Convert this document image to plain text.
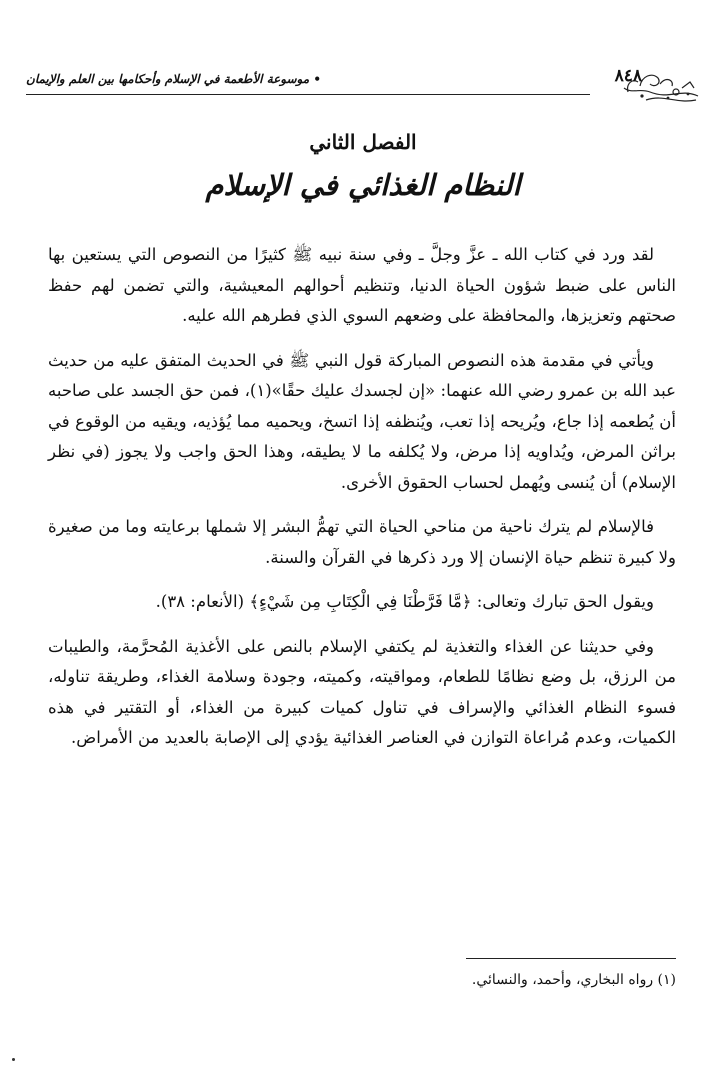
• موسوعة الأطعمة في الإسلام وأحكامها بين العلم والإيمان	٨٤٨
الفصل الثاني
النظام الغذائي في الإسلام

لقد ورد في كتاب الله ـ عزَّ وجلَّ ـ وفي سنة نبيه ﷺ كثيرًا من النصوص التي يستعين بها الناس على ضبط شؤون الحياة الدنيا، وتنظيم أحوالهم المعيشية، والتي تضمن لهم حفظ صحتهم وتعزيزها، والمحافظة على وضعهم السوي الذي فطرهم الله عليه.

ويأتي في مقدمة هذه النصوص المباركة قول النبي ﷺ في الحديث المتفق عليه من حديث عبد الله بن عمرو رضي الله عنهما: «إن لجسدك عليك حقًا»(١)، فمن حق الجسد على صاحبه أن يُطعمه إذا جاع، ويُريحه إذا تعب، ويُنظفه إذا اتسخ، ويحميه مما يُؤذيه، ويقيه من الوقوع في براثن المرض، ويُداويه إذا مرض، ولا يُكلفه ما لا يطيقه، وهذا الحق واجب ولا يجوز (في نظر الإسلام) أن يُنسى ويُهمل لحساب الحقوق الأخرى.

فالإسلام لم يترك ناحية من مناحي الحياة التي تهمُّ البشر إلا شملها برعايته وما من صغيرة ولا كبيرة تنظم حياة الإنسان إلا ورد ذكرها في القرآن والسنة.

ويقول الحق تبارك وتعالى: ﴿مَّا فَرَّطْنَا فِي الْكِتَابِ مِن شَيْءٍ﴾ (الأنعام: ٣٨).

وفي حديثنا عن الغذاء والتغذية لم يكتفي الإسلام بالنص على الأغذية المُحرَّمة، والطيبات من الرزق، بل وضع نظامًا للطعام، ومواقيته، وكميته، وجودة وسلامة الغذاء، وطريقة تناوله، فسوء النظام الغذائي والإسراف في تناول كميات كبيرة من الغذاء، أو التقتير في هذه الكميات، وعدم مُراعاة التوازن في العناصر الغذائية يؤدي إلى الإصابة بالعديد من الأمراض.

(١) رواه البخاري، وأحمد، والنسائي.
